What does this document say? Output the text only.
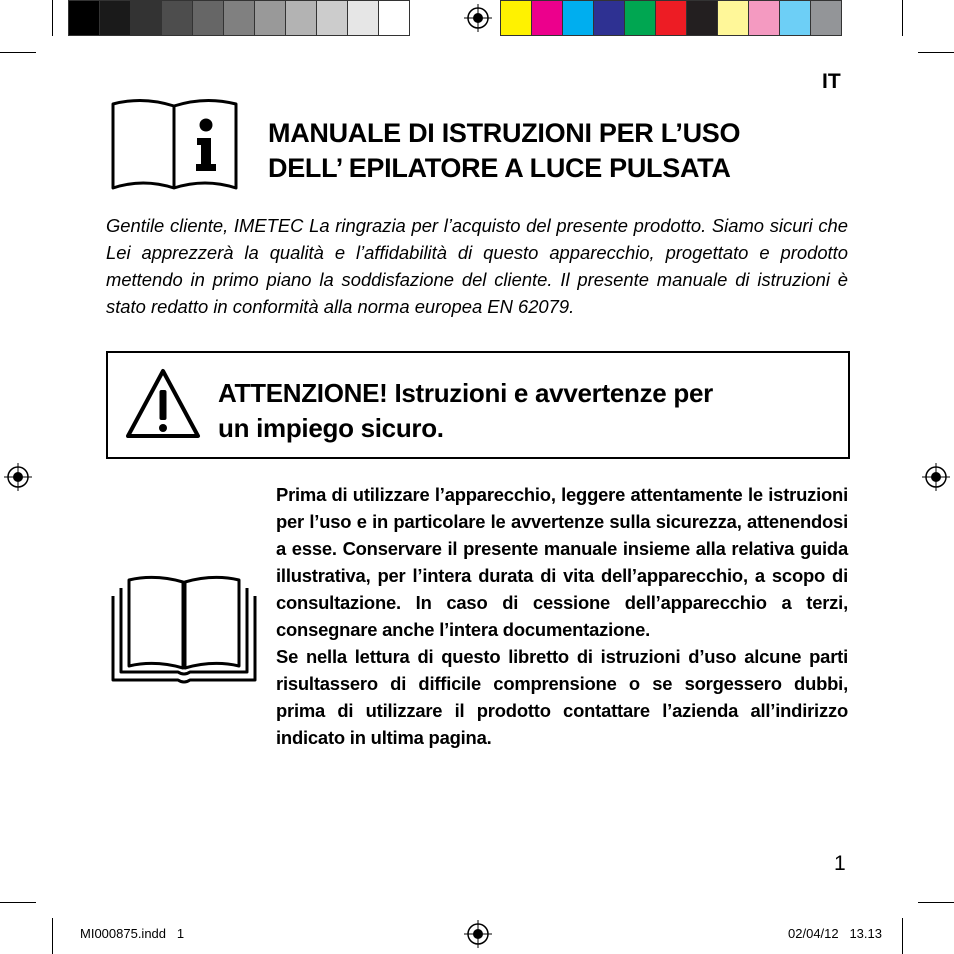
IT
MANUALE DI ISTRUZIONI PER L’USO
DELL’ EPILATORE A LUCE PULSATA
Gentile cliente, IMETEC La ringrazia per l’acquisto del presente prodotto. Siamo sicuri che Lei apprezzerà la qualità e l’affidabilità di questo apparecchio, progettato e prodotto mettendo in primo piano la soddisfazione del cliente. Il presente manuale di istruzioni è stato redatto in conformità alla norma europea EN 62079.
ATTENZIONE! Istruzioni e avvertenze per
un impiego sicuro.

Prima di utilizzare l’apparecchio, leggere attentamente le istruzioni per l’uso e in particolare le avvertenze sulla sicurezza, attenendosi a esse. Conservare il presente manuale insieme alla relativa guida illustrativa, per l’intera durata di vita dell’apparecchio, a scopo di consultazione. In caso di cessione dell’apparecchio a terzi, consegnare anche l’intera documentazione.

Se nella lettura di questo libretto di istruzioni d’uso alcune parti risultassero di difficile comprensione o se sorgessero dubbi, prima di utilizzare il prodotto contattare l’azienda all’indirizzo indicato in ultima pagina.

1
MI000875.indd   1	02/04/12   13.13
